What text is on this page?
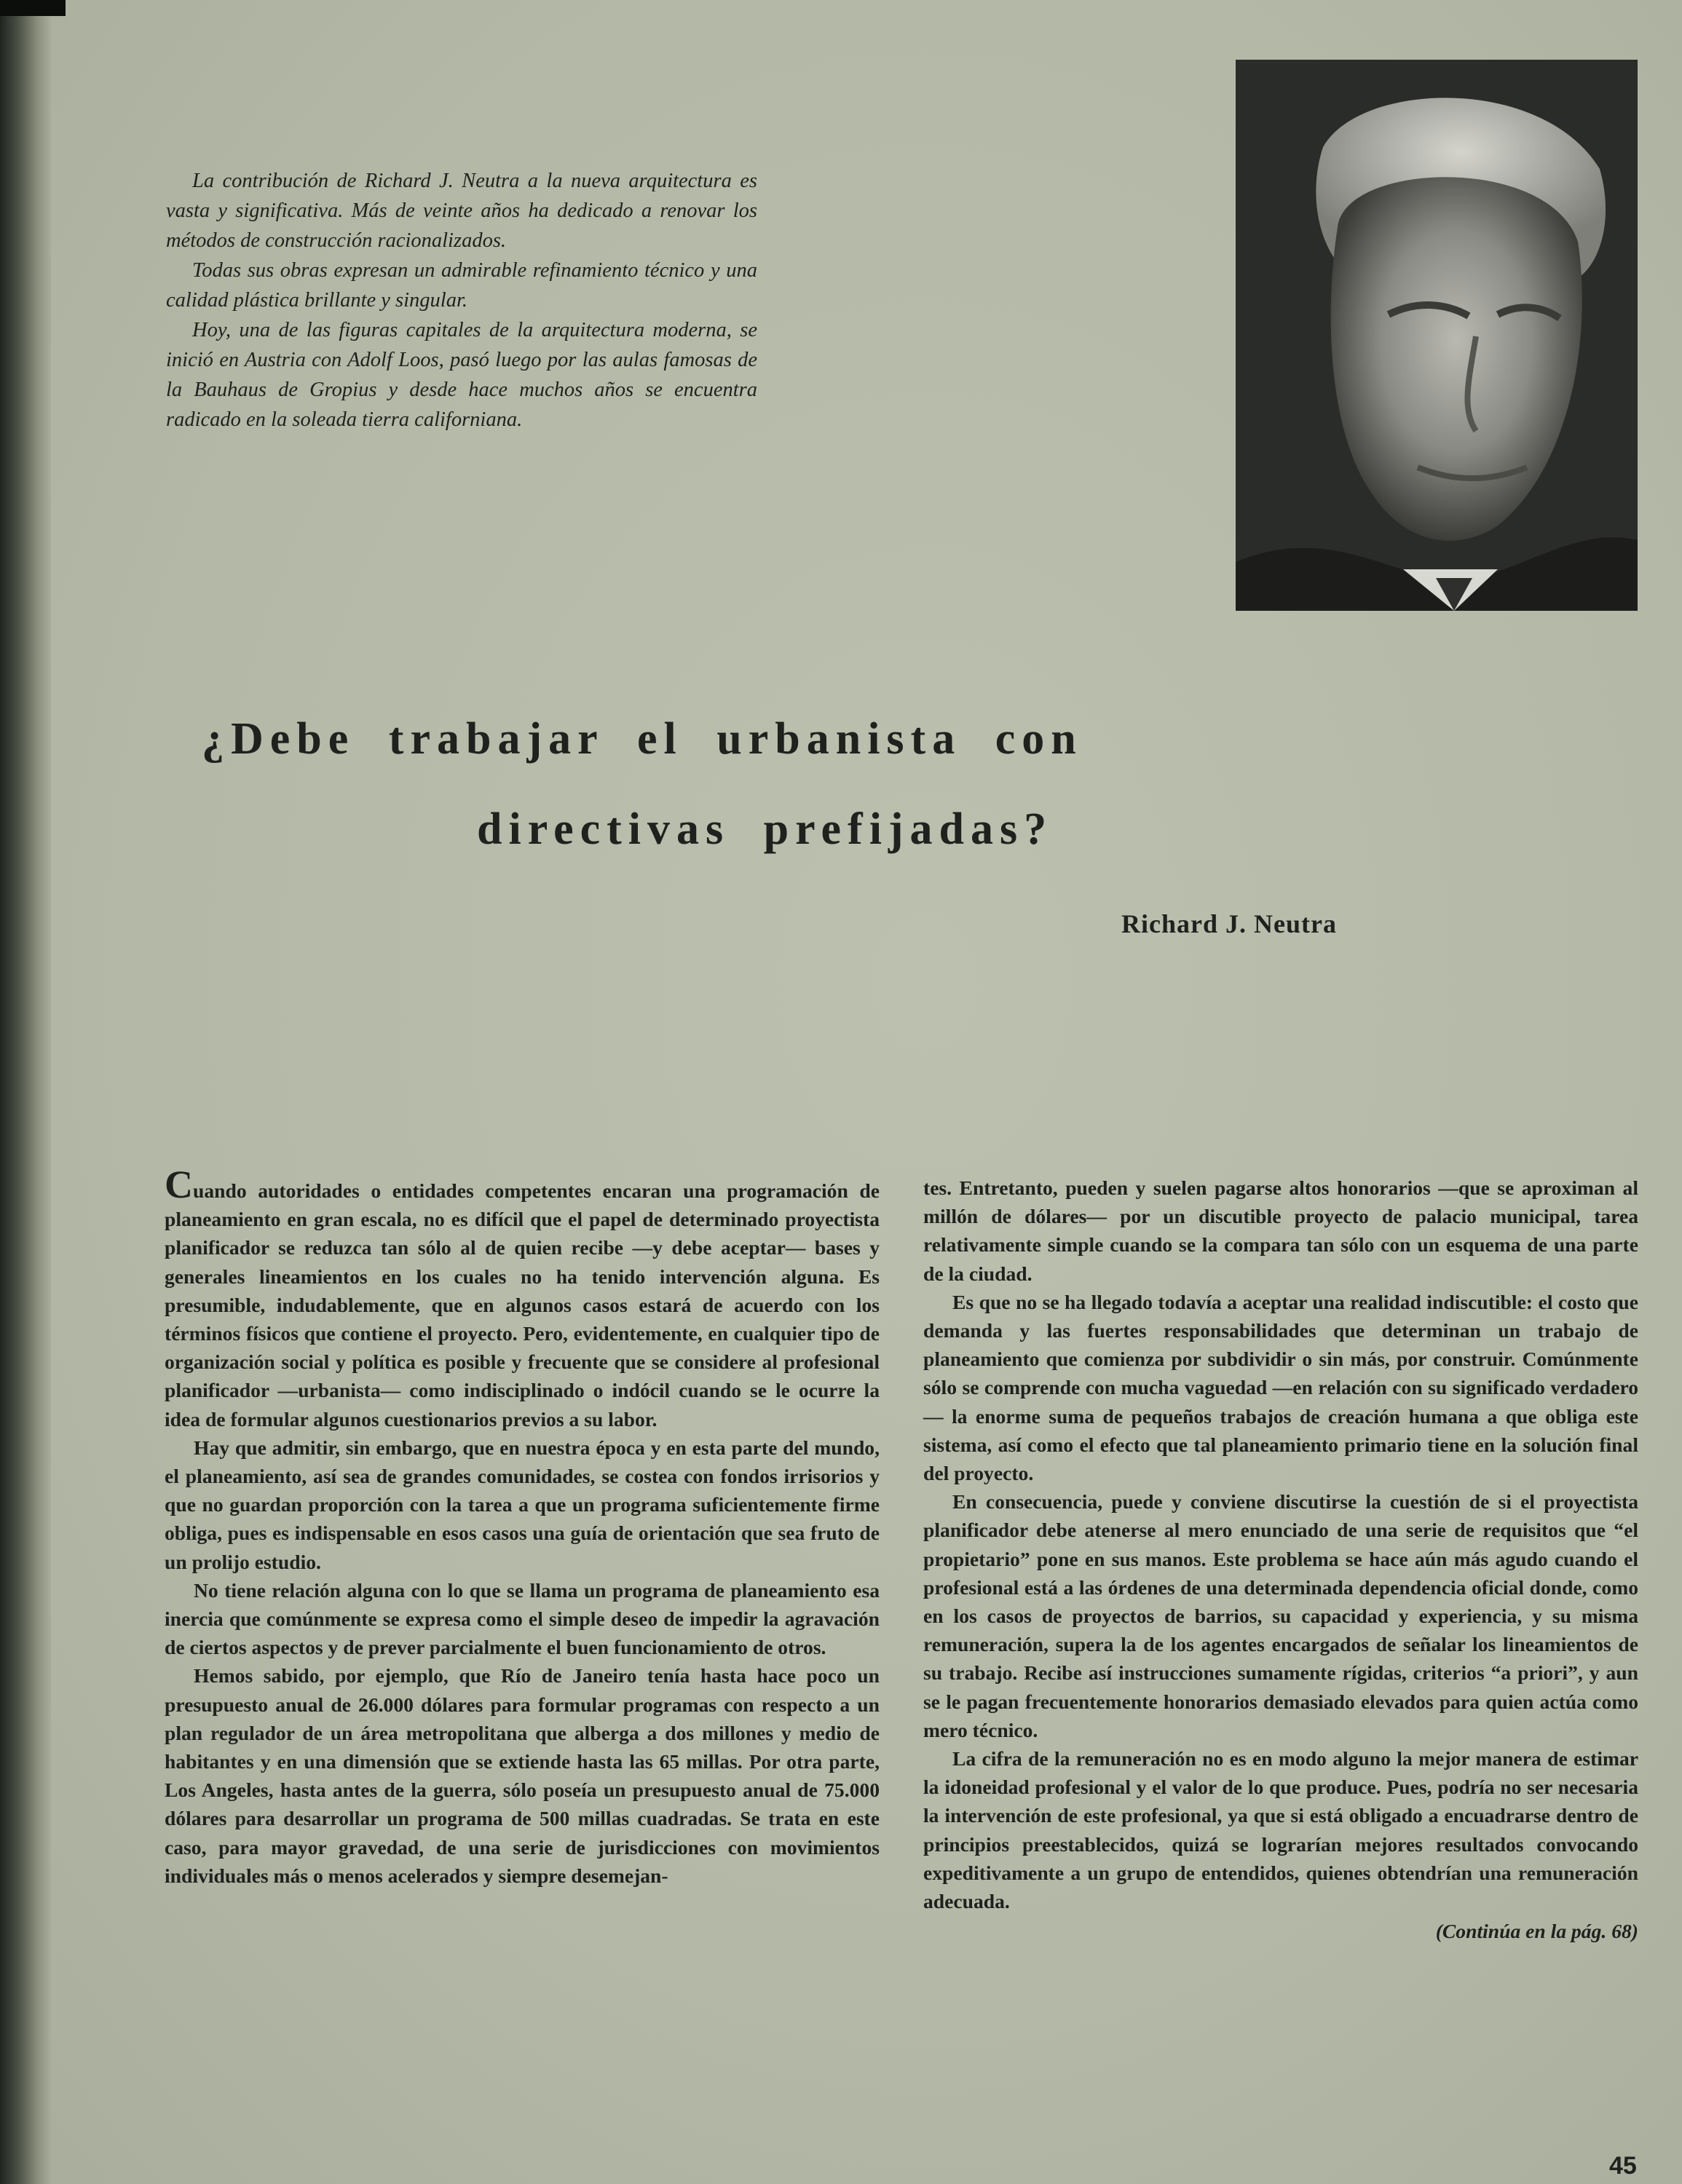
La contribución de Richard J. Neutra a la nueva arquitectura es vasta y significativa. Más de veinte años ha dedicado a renovar los métodos de construcción racionalizados.

Todas sus obras expresan un admirable refinamiento técnico y una calidad plástica brillante y singular.

Hoy, una de las figuras capitales de la arquitectura moderna, se inició en Austria con Adolf Loos, pasó luego por las aulas famosas de la Bauhaus de Gropius y desde hace muchos años se encuentra radicado en la soleada tierra californiana.

¿Debe trabajar el urbanista con
directivas prefijadas?
Richard J. Neutra

Cuando autoridades o entidades competentes encaran una programación de planeamiento en gran escala, no es difícil que el papel de determinado proyectista planificador se reduzca tan sólo al de quien recibe —y debe aceptar— bases y generales lineamientos en los cuales no ha tenido intervención alguna. Es presumible, indudablemente, que en algunos casos estará de acuerdo con los términos físicos que contiene el proyecto. Pero, evidentemente, en cualquier tipo de organización social y política es posible y frecuente que se considere al profesional planificador —urbanista— como indisciplinado o indócil cuando se le ocurre la idea de formular algunos cuestionarios previos a su labor.

Hay que admitir, sin embargo, que en nuestra época y en esta parte del mundo, el planeamiento, así sea de grandes comunidades, se costea con fondos irrisorios y que no guardan proporción con la tarea a que un programa suficientemente firme obliga, pues es indispensable en esos casos una guía de orientación que sea fruto de un prolijo estudio.

No tiene relación alguna con lo que se llama un programa de planeamiento esa inercia que comúnmente se expresa como el simple deseo de impedir la agravación de ciertos aspectos y de prever parcialmente el buen funcionamiento de otros.

Hemos sabido, por ejemplo, que Río de Janeiro tenía hasta hace poco un presupuesto anual de 26.000 dólares para formular programas con respecto a un plan regulador de un área metropolitana que alberga a dos millones y medio de habitantes y en una dimensión que se extiende hasta las 65 millas. Por otra parte, Los Angeles, hasta antes de la guerra, sólo poseía un presupuesto anual de 75.000 dólares para desarrollar un programa de 500 millas cuadradas. Se trata en este caso, para mayor gravedad, de una serie de jurisdicciones con movimientos individuales más o menos acelerados y siempre desemejan-

tes. Entretanto, pueden y suelen pagarse altos honorarios —que se aproximan al millón de dólares— por un discutible proyecto de palacio municipal, tarea relativamente simple cuando se la compara tan sólo con un esquema de una parte de la ciudad.

Es que no se ha llegado todavía a aceptar una realidad indiscutible: el costo que demanda y las fuertes responsabilidades que determinan un trabajo de planeamiento que comienza por subdividir o sin más, por construir. Comúnmente sólo se comprende con mucha vaguedad —en relación con su significado verdadero— la enorme suma de pequeños trabajos de creación humana a que obliga este sistema, así como el efecto que tal planeamiento primario tiene en la solución final del proyecto.

En consecuencia, puede y conviene discutirse la cuestión de si el proyectista planificador debe atenerse al mero enunciado de una serie de requisitos que “el propietario” pone en sus manos. Este problema se hace aún más agudo cuando el profesional está a las órdenes de una determinada dependencia oficial donde, como en los casos de proyectos de barrios, su capacidad y experiencia, y su misma remuneración, supera la de los agentes encargados de señalar los lineamientos de su trabajo. Recibe así instrucciones sumamente rígidas, criterios “a priori”, y aun se le pagan frecuentemente honorarios demasiado elevados para quien actúa como mero técnico.

La cifra de la remuneración no es en modo alguno la mejor manera de estimar la idoneidad profesional y el valor de lo que produce. Pues, podría no ser necesaria la intervención de este profesional, ya que si está obligado a encuadrarse dentro de principios preestablecidos, quizá se lograrían mejores resultados convocando expeditivamente a un grupo de entendidos, quienes obtendrían una remuneración adecuada.

(Continúa en la pág. 68)
45
